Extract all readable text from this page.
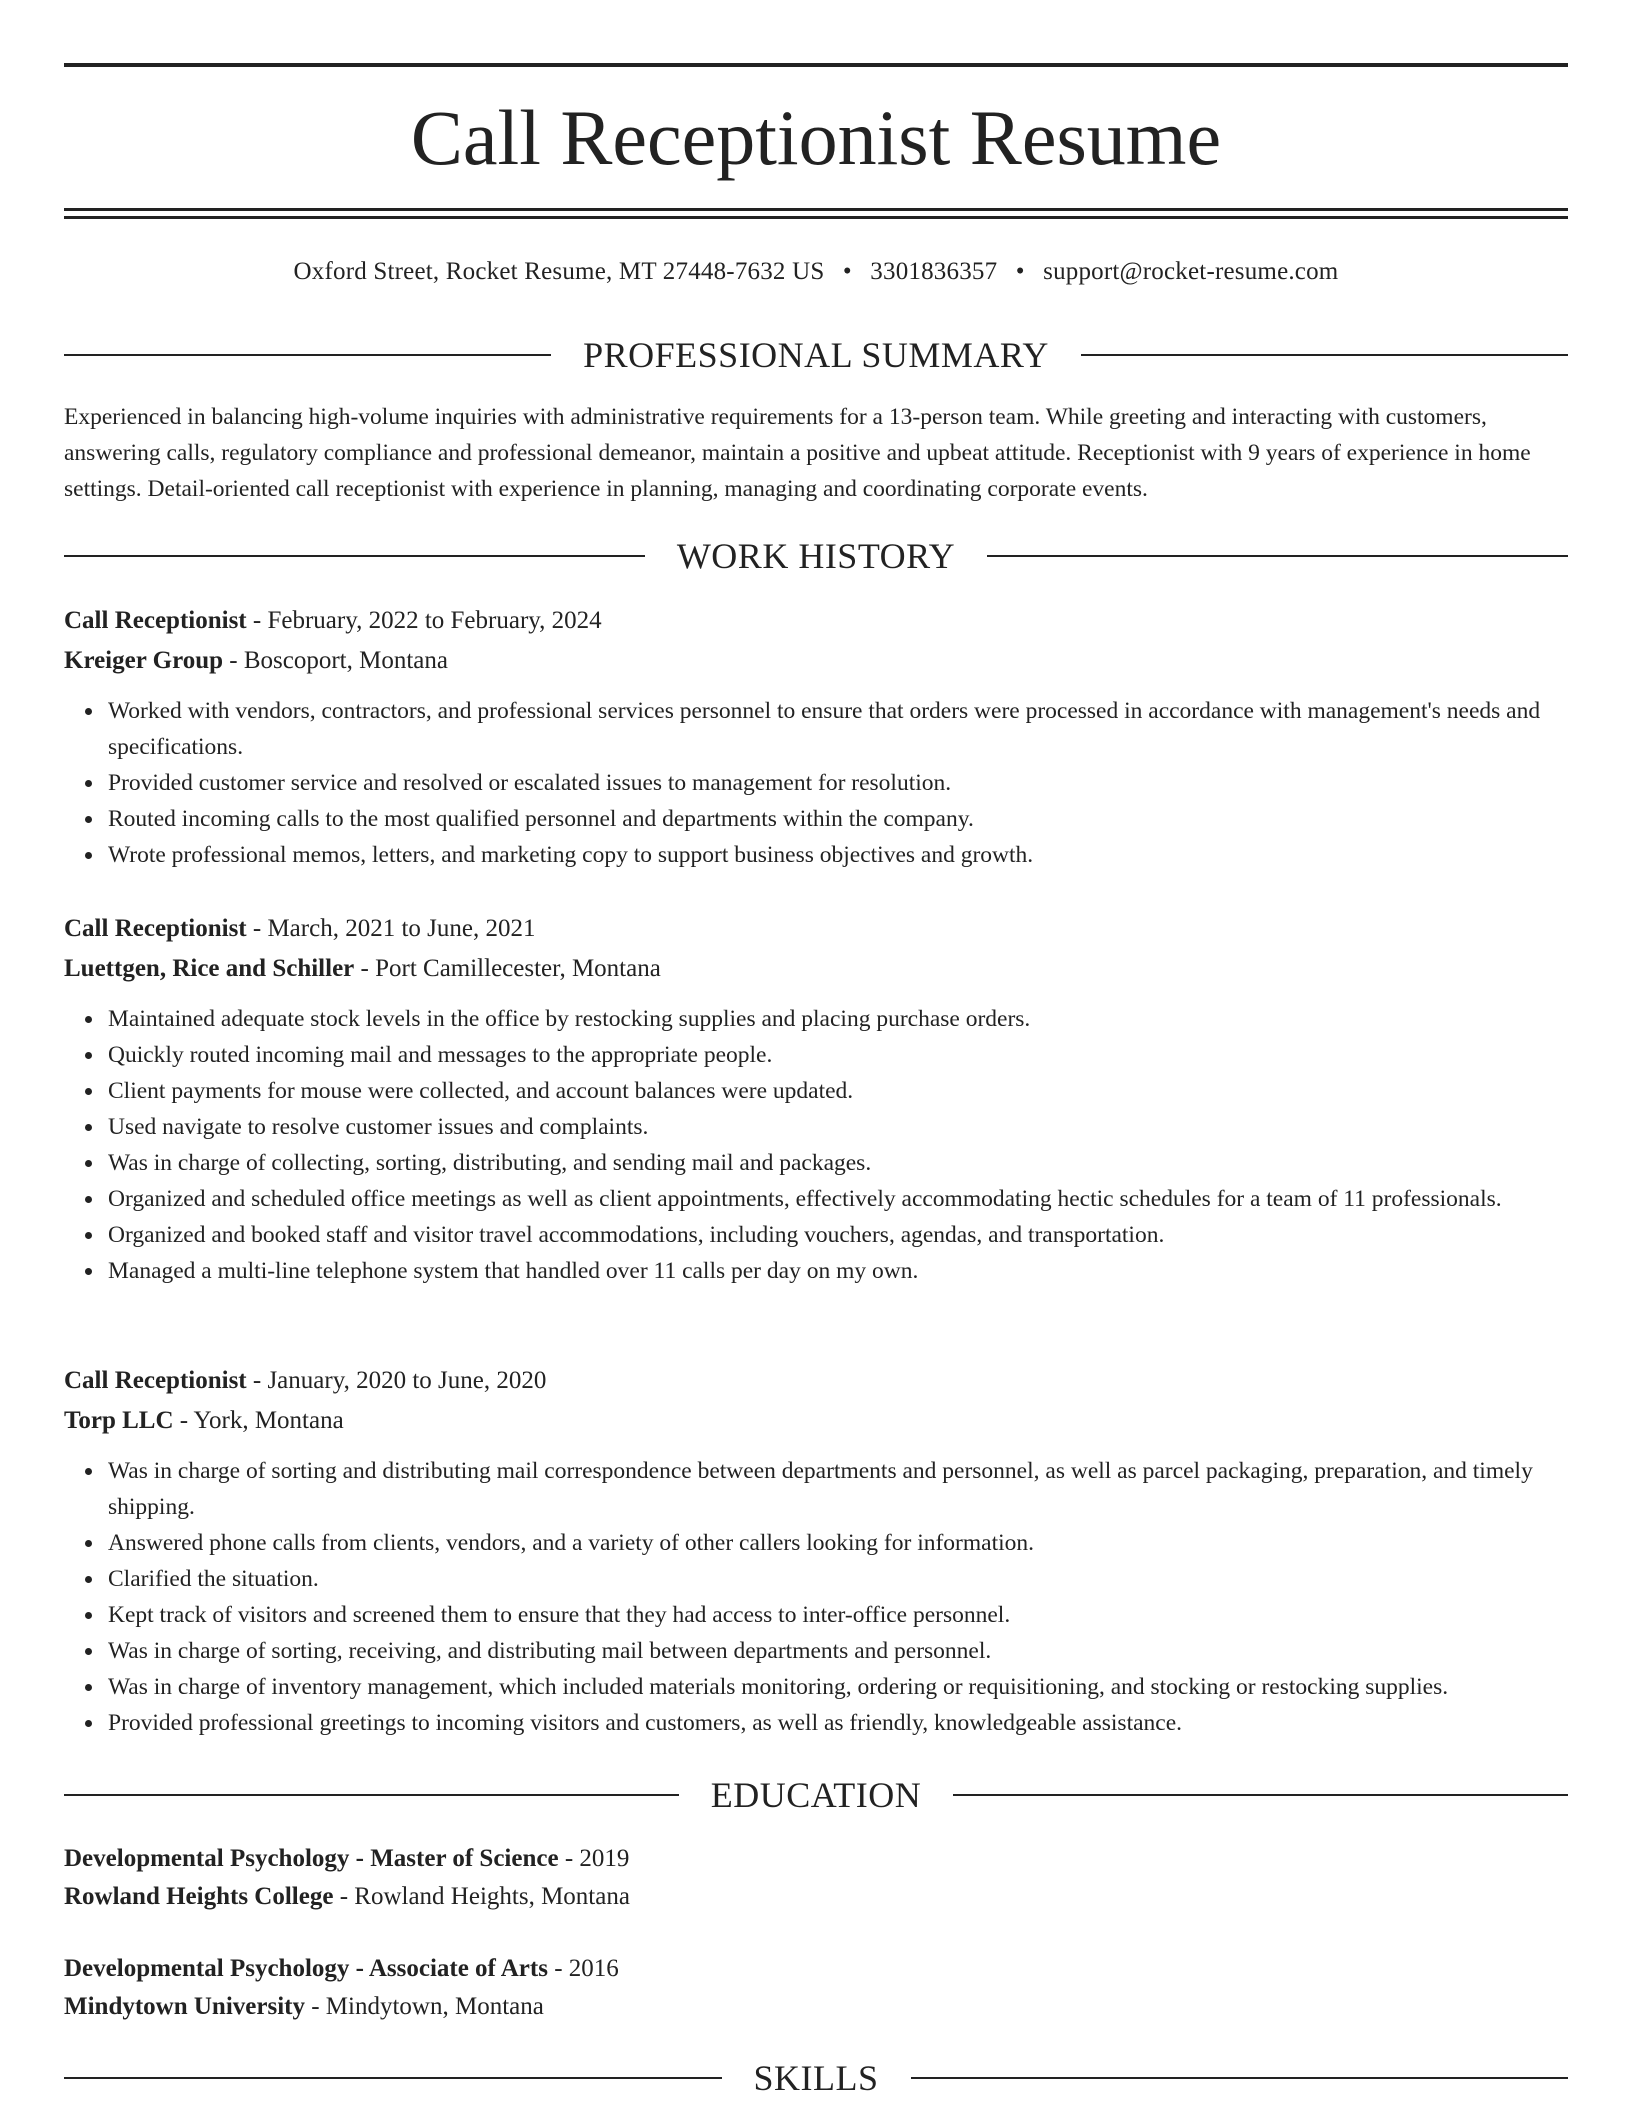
Call Receptionist Resume
Oxford Street, Rocket Resume, MT 27448-7632 US • 3301836357 • support@rocket-resume.com
PROFESSIONAL SUMMARY

Experienced in balancing high-volume inquiries with administrative requirements for a 13-person team. While greeting and interacting with customers, answering calls, regulatory compliance and professional demeanor, maintain a positive and upbeat attitude. Receptionist with 9 years of experience in home settings. Detail-oriented call receptionist with experience in planning, managing and coordinating corporate events.

WORK HISTORY

Call Receptionist - February, 2022 to February, 2024

Kreiger Group - Boscoport, Montana

Worked with vendors, contractors, and professional services personnel to ensure that orders were processed in accordance with management's needs and specifications.
Provided customer service and resolved or escalated issues to management for resolution.
Routed incoming calls to the most qualified personnel and departments within the company.
Wrote professional memos, letters, and marketing copy to support business objectives and growth.

Call Receptionist - March, 2021 to June, 2021

Luettgen, Rice and Schiller - Port Camillecester, Montana

Maintained adequate stock levels in the office by restocking supplies and placing purchase orders.
Quickly routed incoming mail and messages to the appropriate people.
Client payments for mouse were collected, and account balances were updated.
Used navigate to resolve customer issues and complaints.
Was in charge of collecting, sorting, distributing, and sending mail and packages.
Organized and scheduled office meetings as well as client appointments, effectively accommodating hectic schedules for a team of 11 professionals.
Organized and booked staff and visitor travel accommodations, including vouchers, agendas, and transportation.
Managed a multi-line telephone system that handled over 11 calls per day on my own.

Call Receptionist - January, 2020 to June, 2020

Torp LLC - York, Montana

Was in charge of sorting and distributing mail correspondence between departments and personnel, as well as parcel packaging, preparation, and timely shipping.
Answered phone calls from clients, vendors, and a variety of other callers looking for information.
Clarified the situation.
Kept track of visitors and screened them to ensure that they had access to inter-office personnel.
Was in charge of sorting, receiving, and distributing mail between departments and personnel.
Was in charge of inventory management, which included materials monitoring, ordering or requisitioning, and stocking or restocking supplies.
Provided professional greetings to incoming visitors and customers, as well as friendly, knowledgeable assistance.
EDUCATION

Developmental Psychology - Master of Science - 2019

Rowland Heights College - Rowland Heights, Montana

Developmental Psychology - Associate of Arts - 2016

Mindytown University - Mindytown, Montana

SKILLS
